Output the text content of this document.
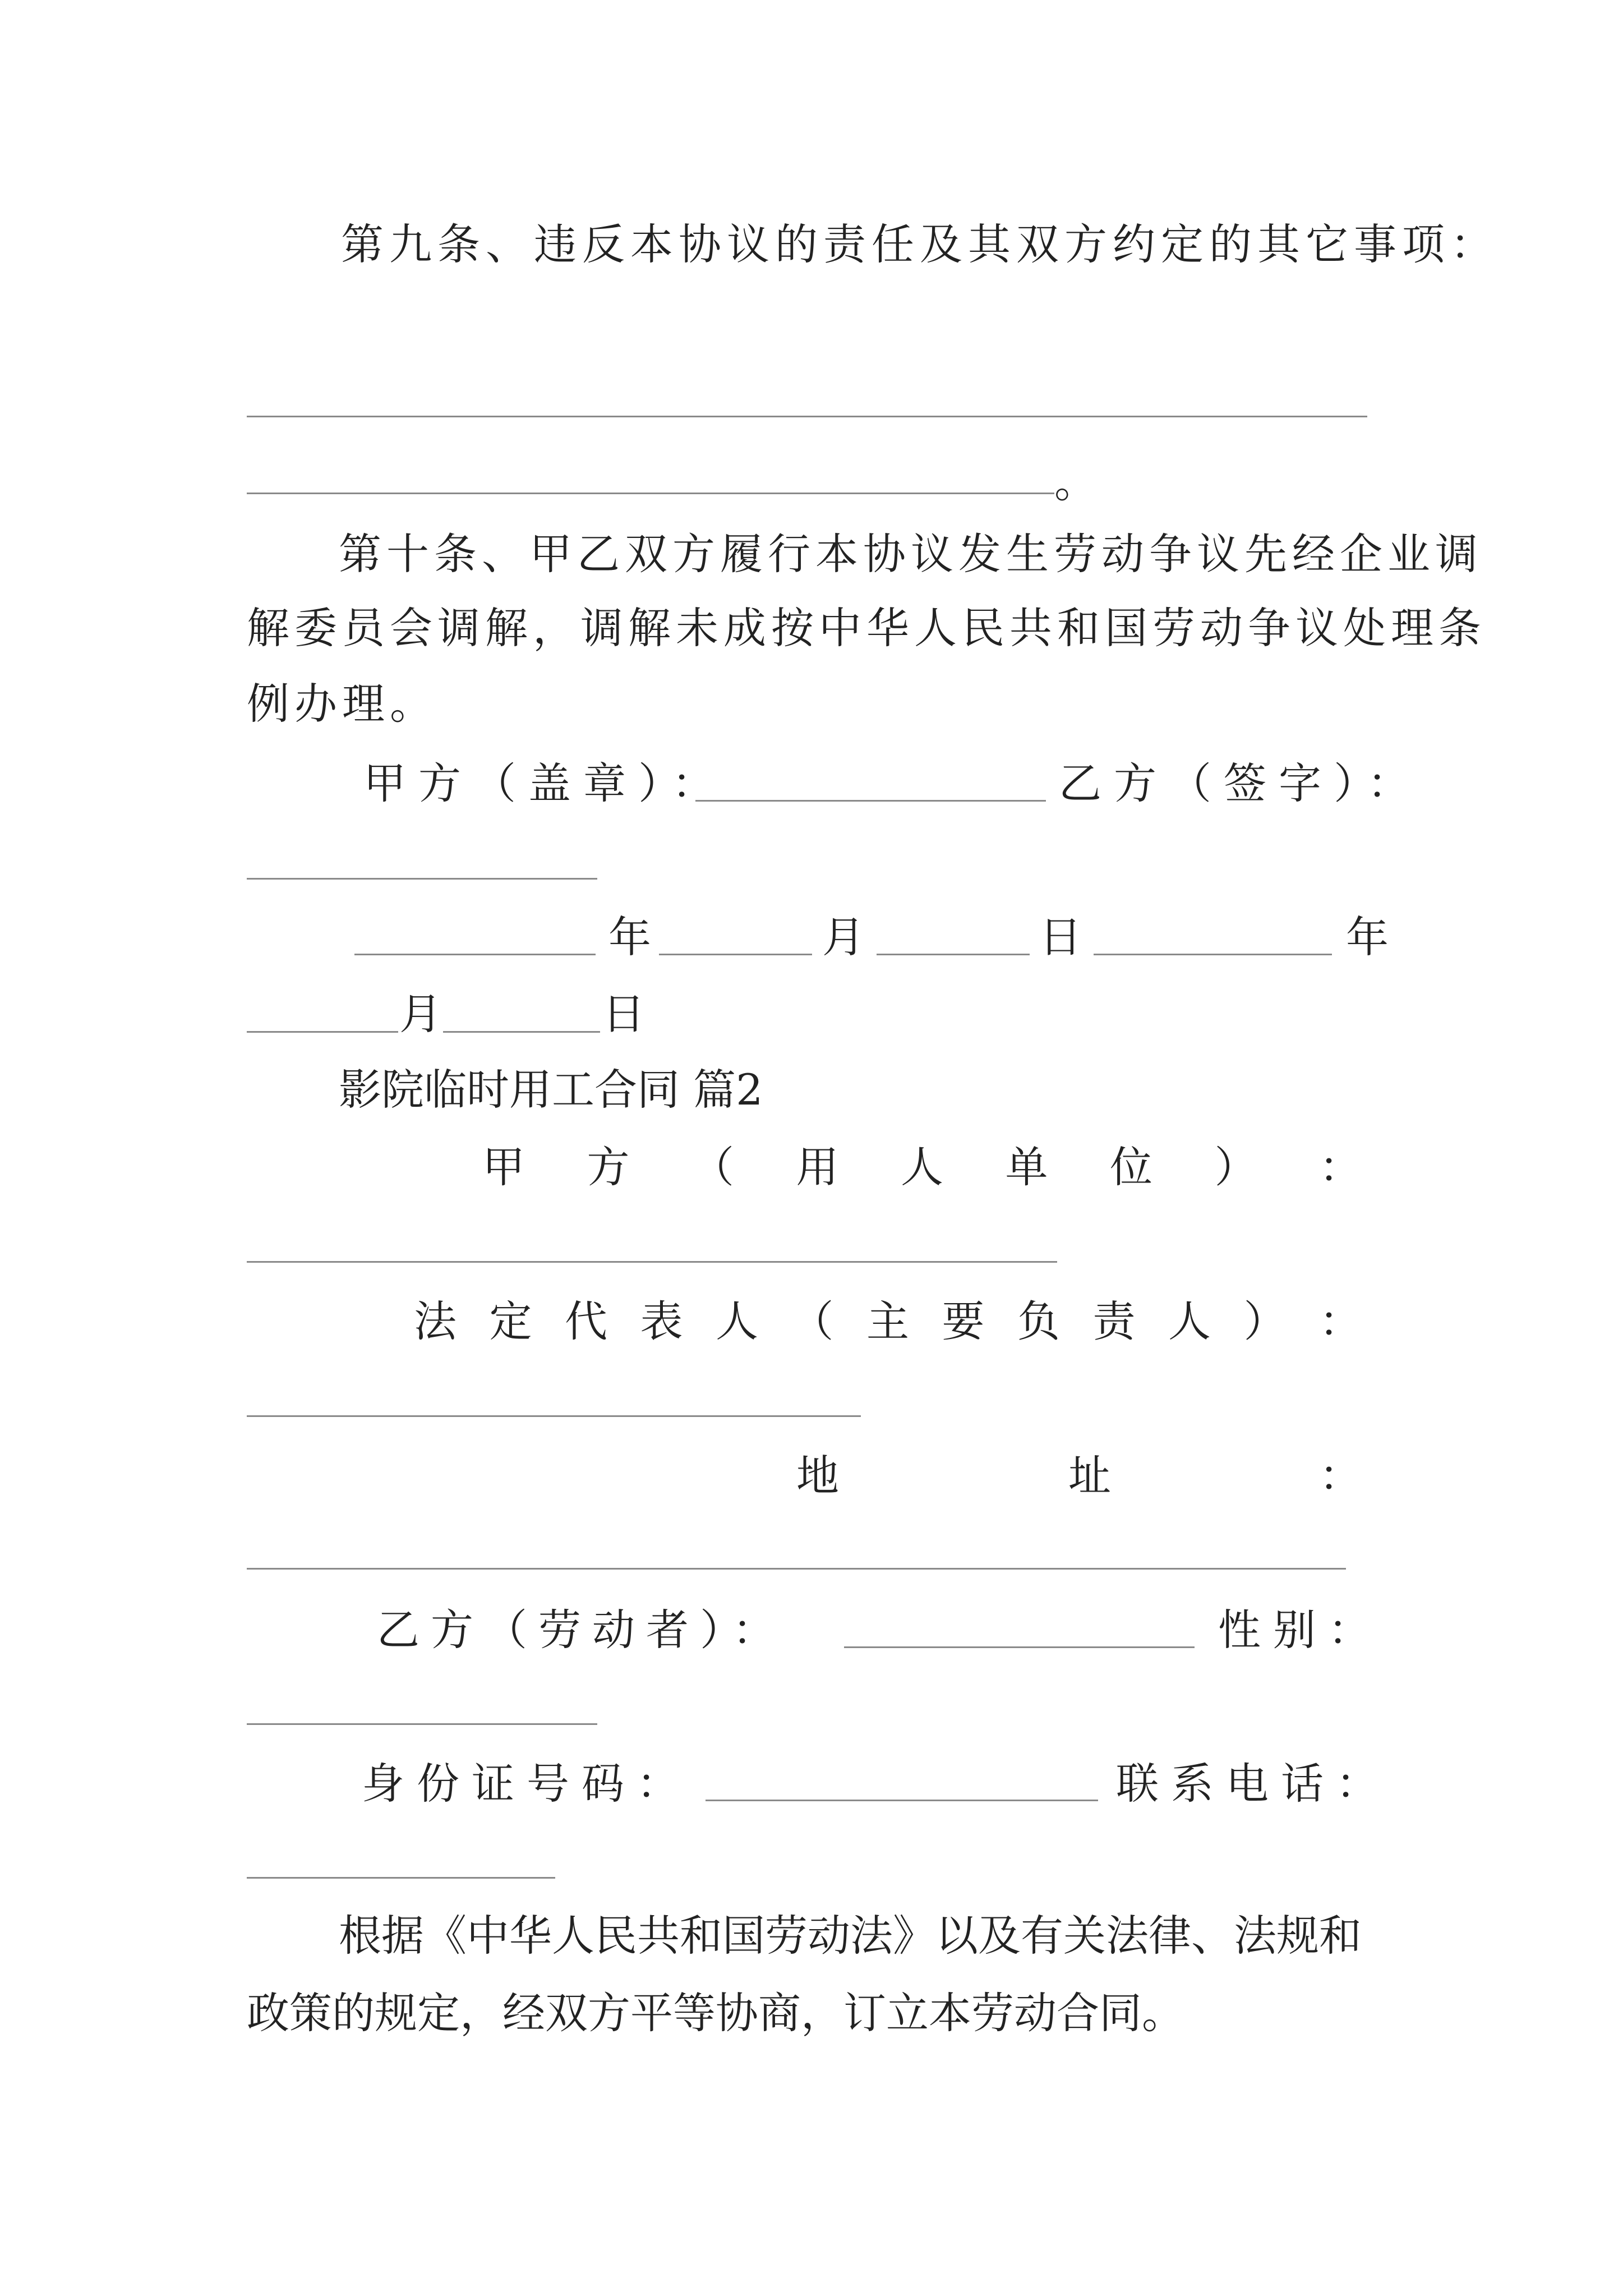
第九条、违反本协议的责任及其双方约定的其它事项：
。
第十条、甲乙双方履行本协议发生劳动争议先经企业调
解委员会调解，调解未成按中华人民共和国劳动争议处理条
例办理。
甲方（盖章）：	乙方（签字）：
年	月	日	年
月	日
影院临时用工合同 篇2
甲 方 （ 用 人 单 位 ） ：
法 定 代 表 人 （ 主 要 负 责 人 ） ：
地	址	：
乙方（劳动者）：	性别：
身份证号码：	联系电话：
根据《中华人民共和国劳动法》以及有关法律、法规和
政策的规定，经双方平等协商，订立本劳动合同。
